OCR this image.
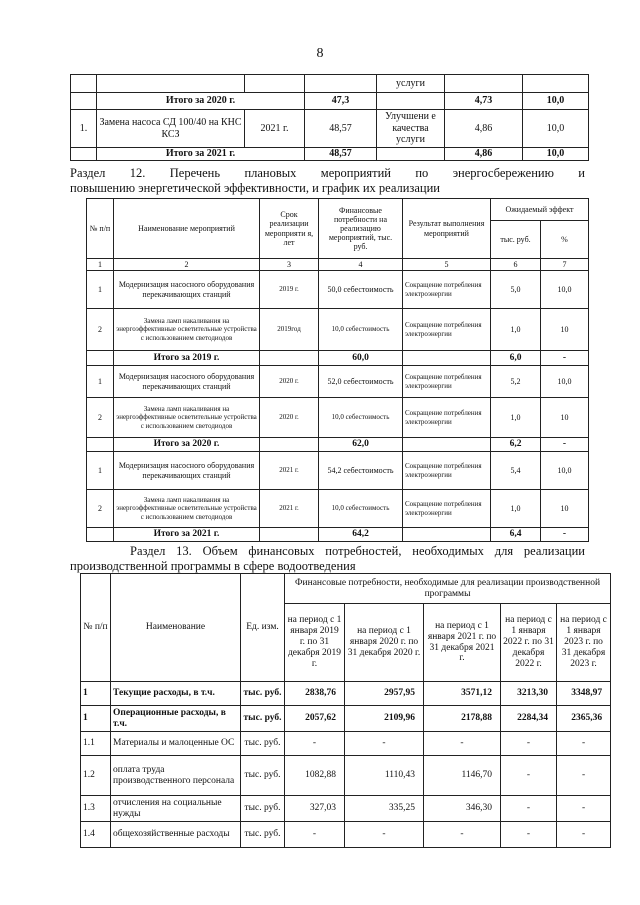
8
				услуги		
	Итого за 2020 г.		47,3		4,73	10,0
1.	Замена насоса СД 100/40 на КНС КСЗ	2021 г.	48,57	Улучшени е качества услуги	4,86	10,0
	Итого за 2021 г.		48,57		4,86	10,0
Раздел 12. Перечень плановых мероприятий по энергосбережению и
повышению энергетической эффективности, и график их реализации
№ п/п	Наименование мероприятий	Срок реализации мероприяти я, лет	Финансовые потребности на реализацию мероприятий, тыс. руб.	Результат выполнения мероприятий	Ожидаемый эффект	
					тыс. руб.	%
1	2	3	4	5	6	7
1	Модернизация насосного оборудования перекачивающих станций	2019 г.	50,0 себестоимость	Сокращение потребления электроэнергии	5,0	10,0
2	Замена ламп накаливания на энергоэффективные осветительные устройства с использованием светодиодов	2019год	10,0 себестоимость	Сокращение потребления электроэнергии	1,0	10
	Итого за 2019 г.		60,0		6,0	-
1	Модернизация насосного оборудования перекачивающих станций	2020 г.	52,0 себестоимость	Сокращение потребления электроэнергии	5,2	10,0
2	Замена ламп накаливания на энергоэффективные осветительные устройства с использованием светодиодов	2020 г.	10,0 себестоимость	Сокращение потребления электроэнергии	1,0	10
	Итого за 2020 г.		62,0		6,2	-
1	Модернизация насосного оборудования перекачивающих станций	2021 г.	54,2 себестоимость	Сокращение потребления электроэнергии	5,4	10,0
2	Замена ламп накаливания на энергоэффективные осветительные устройства с использованием светодиодов	2021 г.	10,0 себестоимость	Сокращение потребления электроэнергии	1,0	10
	Итого за 2021 г.		64,2		6,4	-
Раздел 13. Объем финансовых потребностей, необходимых для реализации
производственной программы в сфере водоотведения
№ п/п	Наименование	Ед. изм.	Финансовые потребности, необходимые для реализации производственной программы				
			на период с 1 января 2019 г. по 31 декабря 2019 г.	на период с 1 января 2020 г. по 31 декабря 2020 г.	на период с 1 января 2021 г. по 31 декабря 2021 г.	на период с 1 января 2022 г. по 31 декабря 2022 г.	на период с 1 января 2023 г. по 31 декабря 2023 г.
1	Текущие расходы, в т.ч.	тыс. руб.	2838,76	2957,95	3571,12	3213,30	3348,97
1	Операционные расходы, в т.ч.	тыс. руб.	2057,62	2109,96	2178,88	2284,34	2365,36
1.1	Материалы и малоценные ОС	тыс. руб.	-	-	-	-	-
1.2	оплата труда производственного персонала	тыс. руб.	1082,88	1110,43	1146,70	-	-
1.3	отчисления на социальные нужды	тыс. руб.	327,03	335,25	346,30	-	-
1.4	общехозяйственные расходы	тыс. руб.	-	-	-	-	-
